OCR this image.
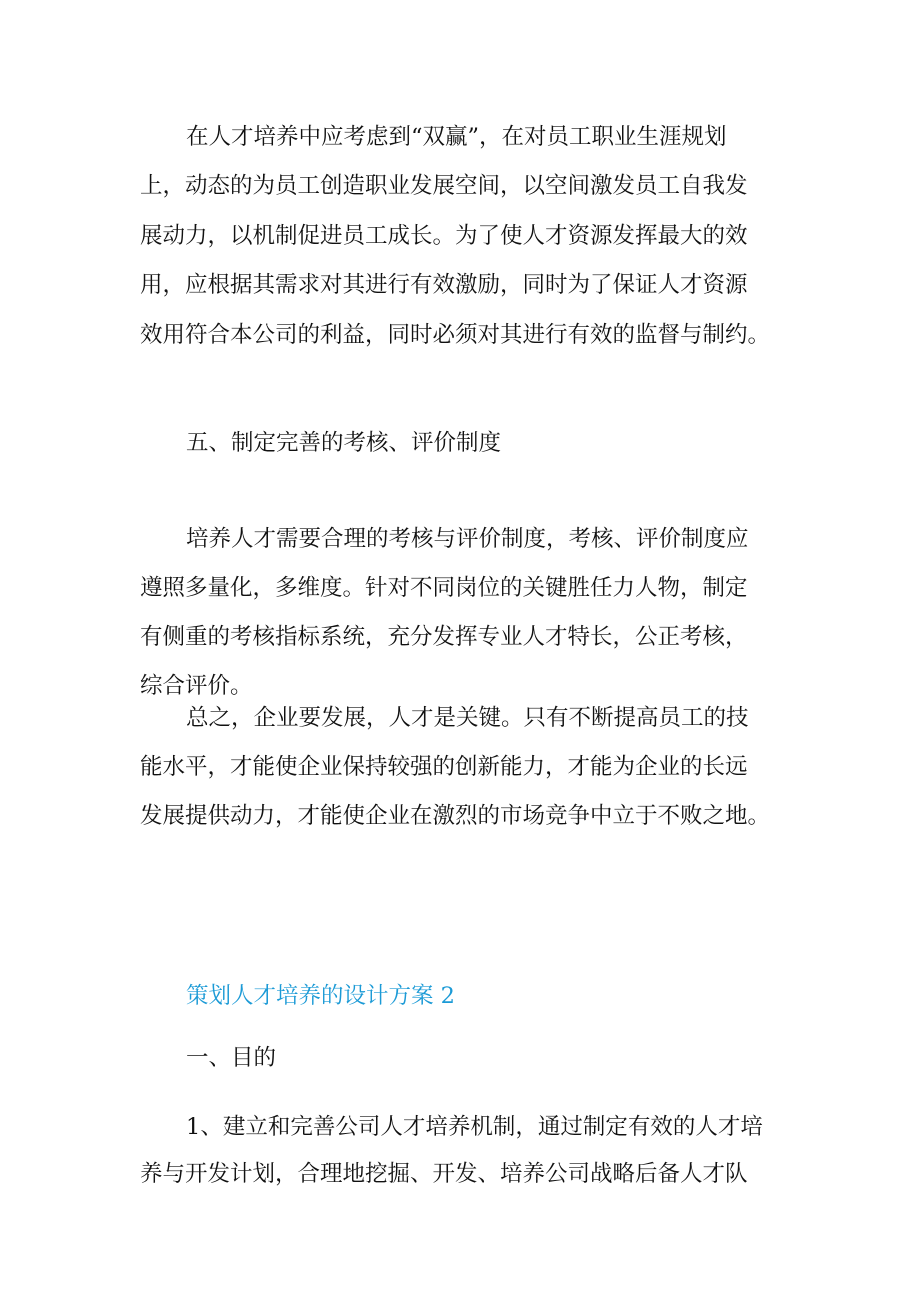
在人才培养中应考虑到“双赢”，在对员工职业生涯规划
上，动态的为员工创造职业发展空间，以空间激发员工自我发
展动力，以机制促进员工成长。为了使人才资源发挥最大的效
用，应根据其需求对其进行有效激励，同时为了保证人才资源
效用符合本公司的利益，同时必须对其进行有效的监督与制约。
五、制定完善的考核、评价制度
培养人才需要合理的考核与评价制度，考核、评价制度应
遵照多量化，多维度。针对不同岗位的关键胜任力人物，制定
有侧重的考核指标系统，充分发挥专业人才特长，公正考核，
综合评价。
总之，企业要发展，人才是关键。只有不断提高员工的技
能水平，才能使企业保持较强的创新能力，才能为企业的长远
发展提供动力，才能使企业在激烈的市场竞争中立于不败之地。
策划人才培养的设计方案 2
一、目的
1、建立和完善公司人才培养机制，通过制定有效的人才培
养与开发计划，合理地挖掘、开发、培养公司战略后备人才队
